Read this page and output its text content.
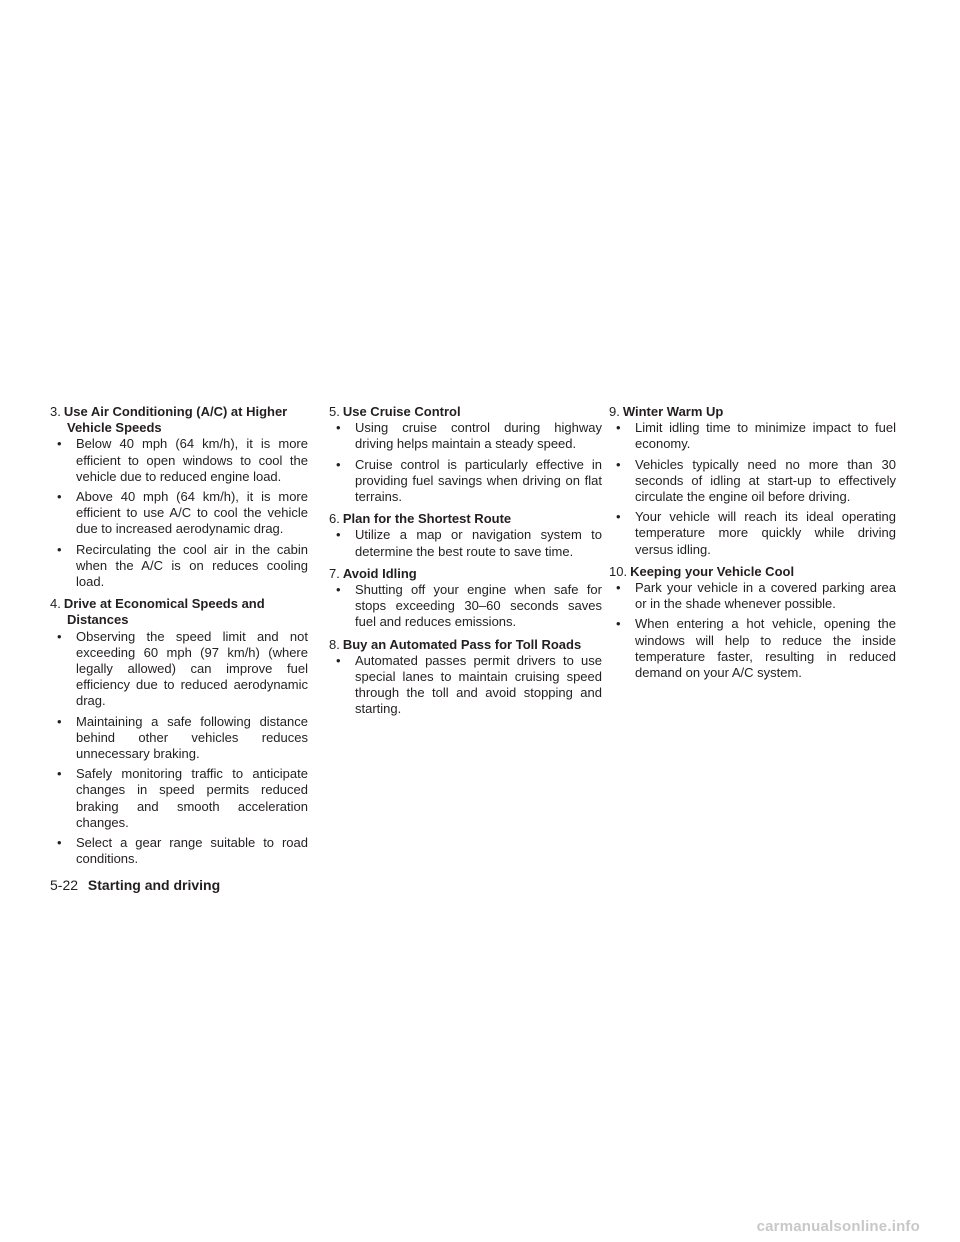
3. Use Air Conditioning (A/C) at Higher Vehicle Speeds
• Below 40 mph (64 km/h), it is more efficient to open windows to cool the vehicle due to reduced engine load.
• Above 40 mph (64 km/h), it is more efficient to use A/C to cool the vehicle due to increased aerodynamic drag.
• Recirculating the cool air in the cabin when the A/C is on reduces cooling load.
4. Drive at Economical Speeds and Distances
• Observing the speed limit and not exceeding 60 mph (97 km/h) (where legally allowed) can improve fuel efficiency due to reduced aerodynamic drag.
• Maintaining a safe following distance behind other vehicles reduces unnecessary braking.
• Safely monitoring traffic to anticipate changes in speed permits reduced braking and smooth acceleration changes.
• Select a gear range suitable to road conditions.
5. Use Cruise Control
• Using cruise control during highway driving helps maintain a steady speed.
• Cruise control is particularly effective in providing fuel savings when driving on flat terrains.
6. Plan for the Shortest Route
• Utilize a map or navigation system to determine the best route to save time.
7. Avoid Idling
• Shutting off your engine when safe for stops exceeding 30–60 seconds saves fuel and reduces emissions.
8. Buy an Automated Pass for Toll Roads
• Automated passes permit drivers to use special lanes to maintain cruising speed through the toll and avoid stopping and starting.
9. Winter Warm Up
• Limit idling time to minimize impact to fuel economy.
• Vehicles typically need no more than 30 seconds of idling at start-up to effectively circulate the engine oil before driving.
• Your vehicle will reach its ideal operating temperature more quickly while driving versus idling.
10. Keeping your Vehicle Cool
• Park your vehicle in a covered parking area or in the shade whenever possible.
• When entering a hot vehicle, opening the windows will help to reduce the inside temperature faster, resulting in reduced demand on your A/C system.
5-22 Starting and driving
carmanualsonline.info
